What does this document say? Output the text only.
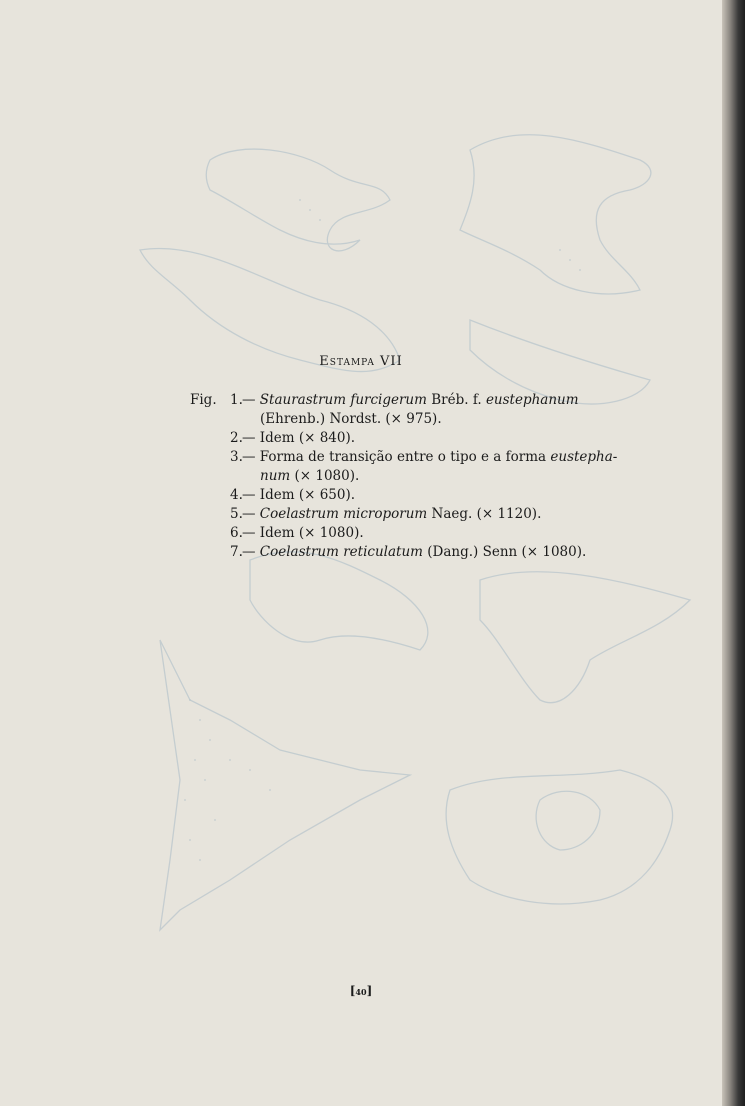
Estampa VII
Fig. 1. — Staurastrum furcigerum Bréb. f. eustephanum
(Ehrenb.) Nordst. (× 975).
2. — Idem (× 840).
3. — Forma de transição entre o tipo e a forma eustepha-
num (× 1080).
4. — Idem (× 650).
5. — Coelastrum microporum Naeg. (× 1120).
6. — Idem (× 1080).
7. — Coelastrum reticulatum (Dang.) Senn (× 1080).
[40]
